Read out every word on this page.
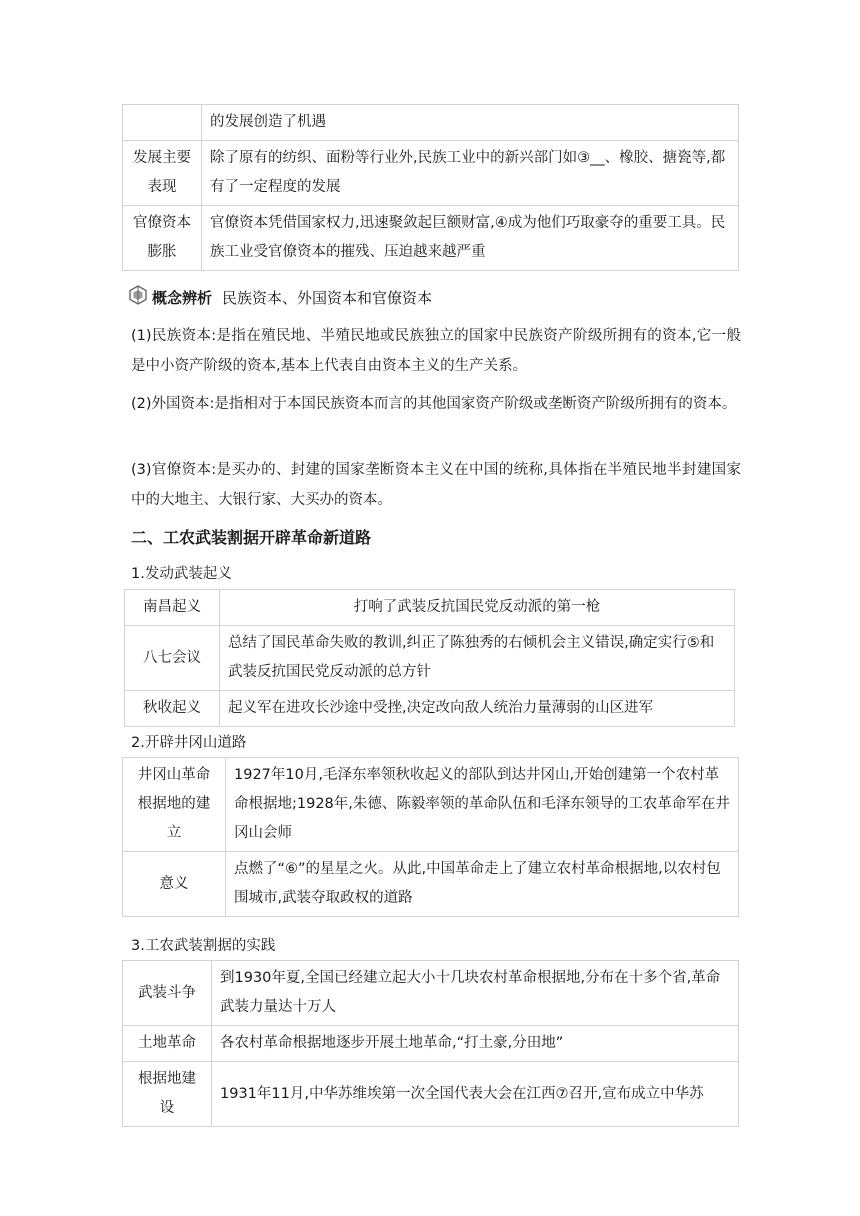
	的发展创造了机遇
发展主要表现	除了原有的纺织、面粉等行业外,民族工业中的新兴部门如③__、橡胶、搪瓷等,都有了一定程度的发展
官僚资本膨胀	官僚资本凭借国家权力,迅速聚敛起巨额财富,④成为他们巧取豪夺的重要工具。民族工业受官僚资本的摧残、压迫越来越严重
概念辨析 民族资本、外国资本和官僚资本
(1)民族资本:是指在殖民地、半殖民地或民族独立的国家中民族资产阶级所拥有的资本,它一般是中小资产阶级的资本,基本上代表自由资本主义的生产关系。
(2)外国资本:是指相对于本国民族资本而言的其他国家资产阶级或垄断资产阶级所拥有的资本。
(3)官僚资本:是买办的、封建的国家垄断资本主义在中国的统称,具体指在半殖民地半封建国家中的大地主、大银行家、大买办的资本。
二、工农武装割据开辟革命新道路
1.发动武装起义
南昌起义	打响了武装反抗国民党反动派的第一枪
八七会议	总结了国民革命失败的教训,纠正了陈独秀的右倾机会主义错误,确定实行⑤和武装反抗国民党反动派的总方针
秋收起义	起义军在进攻长沙途中受挫,决定改向敌人统治力量薄弱的山区进军
2.开辟井冈山道路
井冈山革命根据地的建立	1927年10月,毛泽东率领秋收起义的部队到达井冈山,开始创建第一个农村革命根据地;1928年,朱德、陈毅率领的革命队伍和毛泽东领导的工农革命军在井冈山会师
意义	点燃了“⑥”的星星之火。从此,中国革命走上了建立农村革命根据地,以农村包围城市,武装夺取政权的道路
3.工农武装割据的实践
武装斗争	到1930年夏,全国已经建立起大小十几块农村革命根据地,分布在十多个省,革命武装力量达十万人
土地革命	各农村革命根据地逐步开展土地革命,“打土豪,分田地”
根据地建设	1931年11月,中华苏维埃第一次全国代表大会在江西⑦召开,宣布成立中华苏
